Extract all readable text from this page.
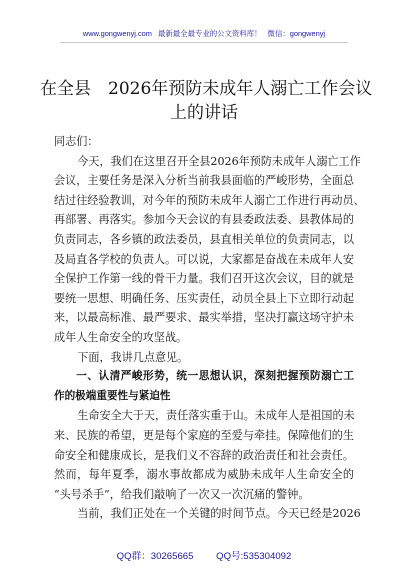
www.gongwenyj.com 最新最全最专业的公文资料库！ 微信：gongwenyj
在全县　2026年预防未成年人溺亡工作会议
上的讲话

同志们：

今天，我们在这里召开全县2026年预防未成年人溺亡工作
会议，主要任务是深入分析当前我县面临的严峻形势，全面总
结过往经验教训，对今年的预防未成年人溺亡工作进行再动员、
再部署、再落实。参加今天会议的有县委政法委、县教体局的
负责同志，各乡镇的政法委员，县直相关单位的负责同志，以
及局直各学校的负责人。可以说，大家都是奋战在未成年人安
全保护工作第一线的骨干力量。我们召开这次会议，目的就是
要统一思想、明确任务、压实责任，动员全县上下立即行动起
来，以最高标准、最严要求、最实举措，坚决打赢这场守护未
成年人生命安全的攻坚战。
下面，我讲几点意见。
一、认清严峻形势，统一思想认识，深刻把握预防溺亡工
作的极端重要性与紧迫性
生命安全大于天，责任落实重于山。未成年人是祖国的未
来、民族的希望，更是每个家庭的至爱与牵挂。保障他们的生
命安全和健康成长，是我们义不容辞的政治责任和社会责任。
然而，每年夏季，溺水事故都成为威胁未成年人生命安全的
“头号杀手”，给我们敲响了一次又一次沉痛的警钟。
当前，我们正处在一个关键的时间节点。今天已经是2026
QQ群：30265665 QQ号:535304092
